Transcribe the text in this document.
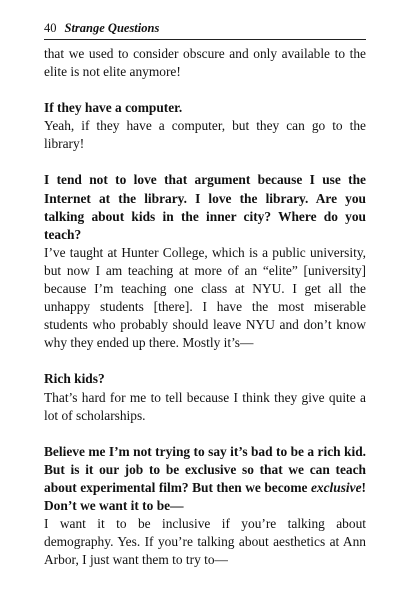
40 Strange Questions

that we used to consider obscure and only available to the elite is not elite anymore!

If they have a computer.

Yeah, if they have a computer, but they can go to the library!

I tend not to love that argument because I use the Internet at the library. I love the library. Are you talking about kids in the inner city? Where do you teach?

I’ve taught at Hunter College, which is a public university, but now I am teaching at more of an “elite” [university] because I’m teaching one class at NYU. I get all the unhappy students [there]. I have the most miserable students who probably should leave NYU and don’t know why they ended up there. Mostly it’s—

Rich kids?

That’s hard for me to tell because I think they give quite a lot of scholarships.

Believe me I’m not trying to say it’s bad to be a rich kid. But is it our job to be exclusive so that we can teach about experimental film? But then we become exclusive! Don’t we want it to be—

I want it to be inclusive if you’re talking about demography. Yes. If you’re talking about aesthetics at Ann Arbor, I just want them to try to—
